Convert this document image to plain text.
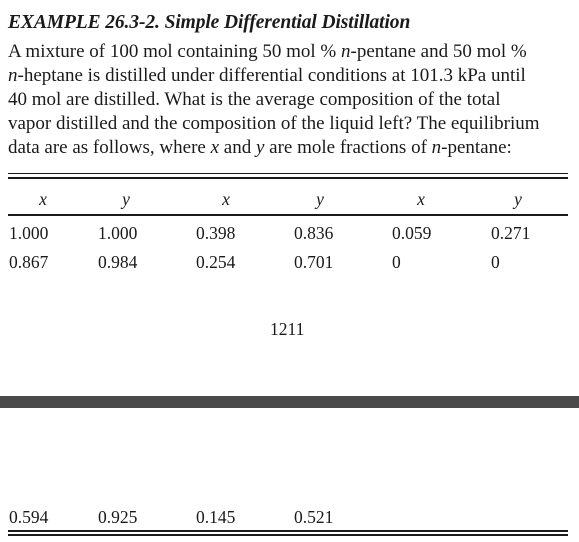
EXAMPLE 26.3-2. Simple Differential Distillation

A mixture of 100 mol containing 50 mol % n-pentane and 50 mol %
n-heptane is distilled under differential conditions at 101.3 kPa until
40 mol are distilled. What is the average composition of the total
vapor distilled and the composition of the liquid left? The equilibrium
data are as follows, where x and y are mole fractions of n-pentane:

x	y	x	y	x	y
1.000	1.000	0.398	0.836	0.059	0.271
0.867	0.984	0.254	0.701	0	0
1211
0.594	0.925	0.145	0.521
